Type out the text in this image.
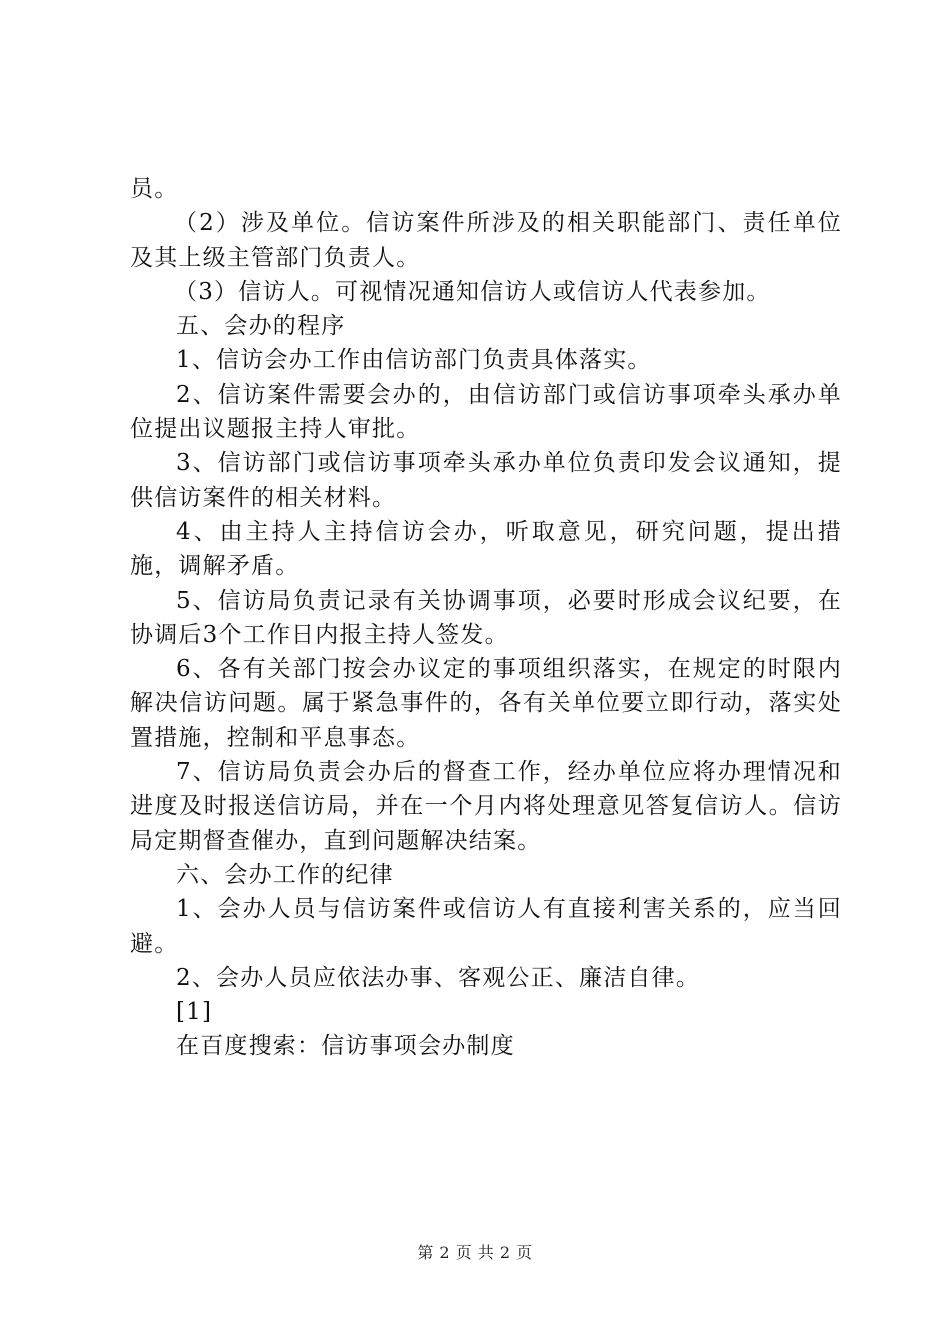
员。

（2）涉及单位。信访案件所涉及的相关职能部门、责任单位及其上级主管部门负责人。

（3）信访人。可视情况通知信访人或信访人代表参加。

五、会办的程序

1、信访会办工作由信访部门负责具体落实。

2、信访案件需要会办的，由信访部门或信访事项牵头承办单位提出议题报主持人审批。

3、信访部门或信访事项牵头承办单位负责印发会议通知，提供信访案件的相关材料。

4、由主持人主持信访会办，听取意见，研究问题，提出措施，调解矛盾。

5、信访局负责记录有关协调事项，必要时形成会议纪要，在协调后3个工作日内报主持人签发。

6、各有关部门按会办议定的事项组织落实，在规定的时限内解决信访问题。属于紧急事件的，各有关单位要立即行动，落实处置措施，控制和平息事态。

7、信访局负责会办后的督查工作，经办单位应将办理情况和进度及时报送信访局，并在一个月内将处理意见答复信访人。信访局定期督查催办，直到问题解决结案。

六、会办工作的纪律

1、会办人员与信访案件或信访人有直接利害关系的，应当回避。

2、会办人员应依法办事、客观公正、廉洁自律。

[1]

在百度搜索：信访事项会办制度

第 2 页 共 2 页
